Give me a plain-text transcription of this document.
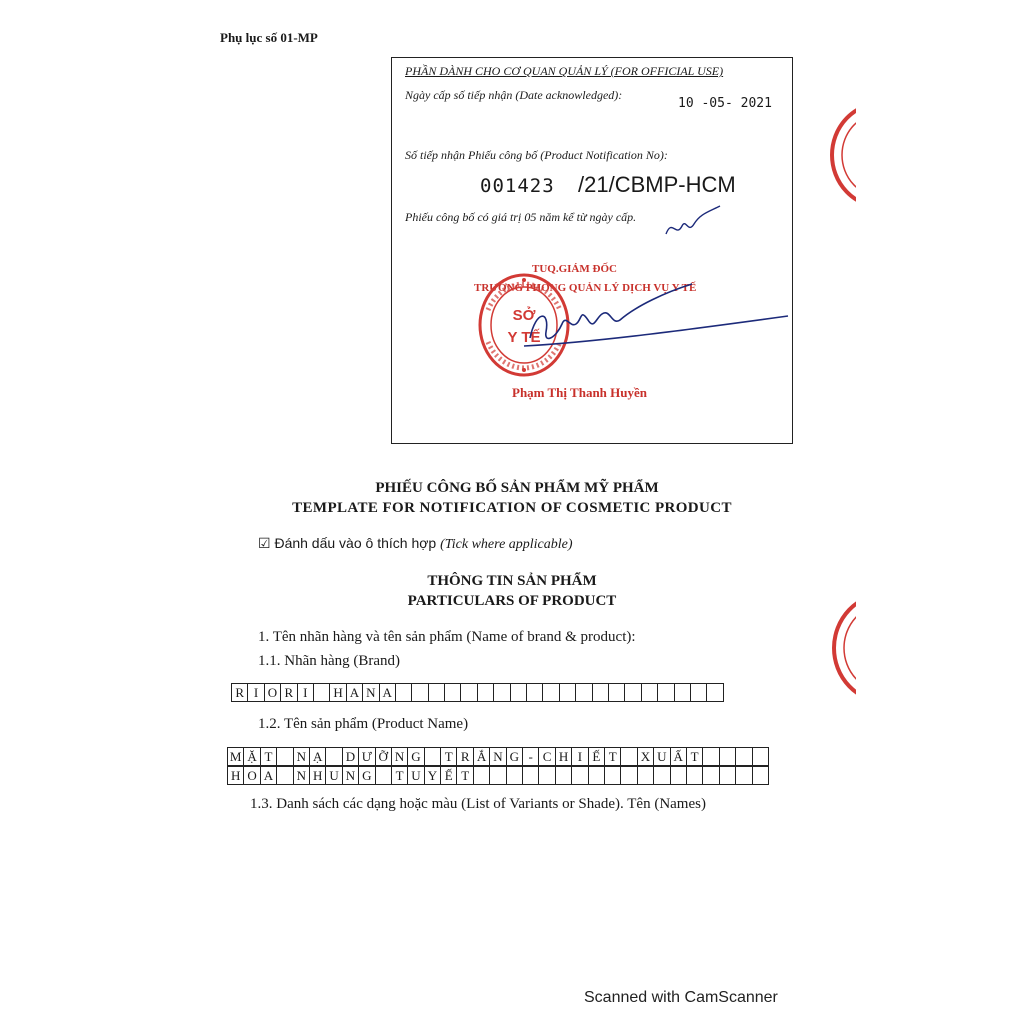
Phụ lục số 01-MP
PHẦN DÀNH CHO CƠ QUAN QUẢN LÝ (FOR OFFICIAL USE)
Ngày cấp số tiếp nhận (Date acknowledged):
10 -05- 2021
Số tiếp nhận Phiếu công bố (Product Notification No):
001423 /21/CBMP-HCM
Phiếu công bố có giá trị 05 năm kể từ ngày cấp.
TUQ.GIÁM ĐỐC
TRƯỞNG PHÒNG QUẢN LÝ DỊCH VỤ Y TẾ
Phạm Thị Thanh Huyền
SỞ
Y TẾ
PHIẾU CÔNG BỐ SẢN PHẨM MỸ PHẨM
TEMPLATE FOR NOTIFICATION OF COSMETIC PRODUCT
☑ Đánh dấu vào ô thích hợp (Tick where applicable)
THÔNG TIN SẢN PHẨM
PARTICULARS OF PRODUCT
1. Tên nhãn hàng và tên sản phẩm (Name of brand & product):
1.1. Nhãn hàng (Brand)
R I O R I	H A N A
1.2. Tên sản phẩm (Product Name)
M Ặ T	N Ạ	D Ư Ỡ N G	T R Ắ N G - C H I Ế T	X U Ấ T
H O A	N H U N G	T U Y Ế T
1.3. Danh sách các dạng hoặc màu (List of Variants or Shade). Tên (Names)
Scanned with CamScanner
